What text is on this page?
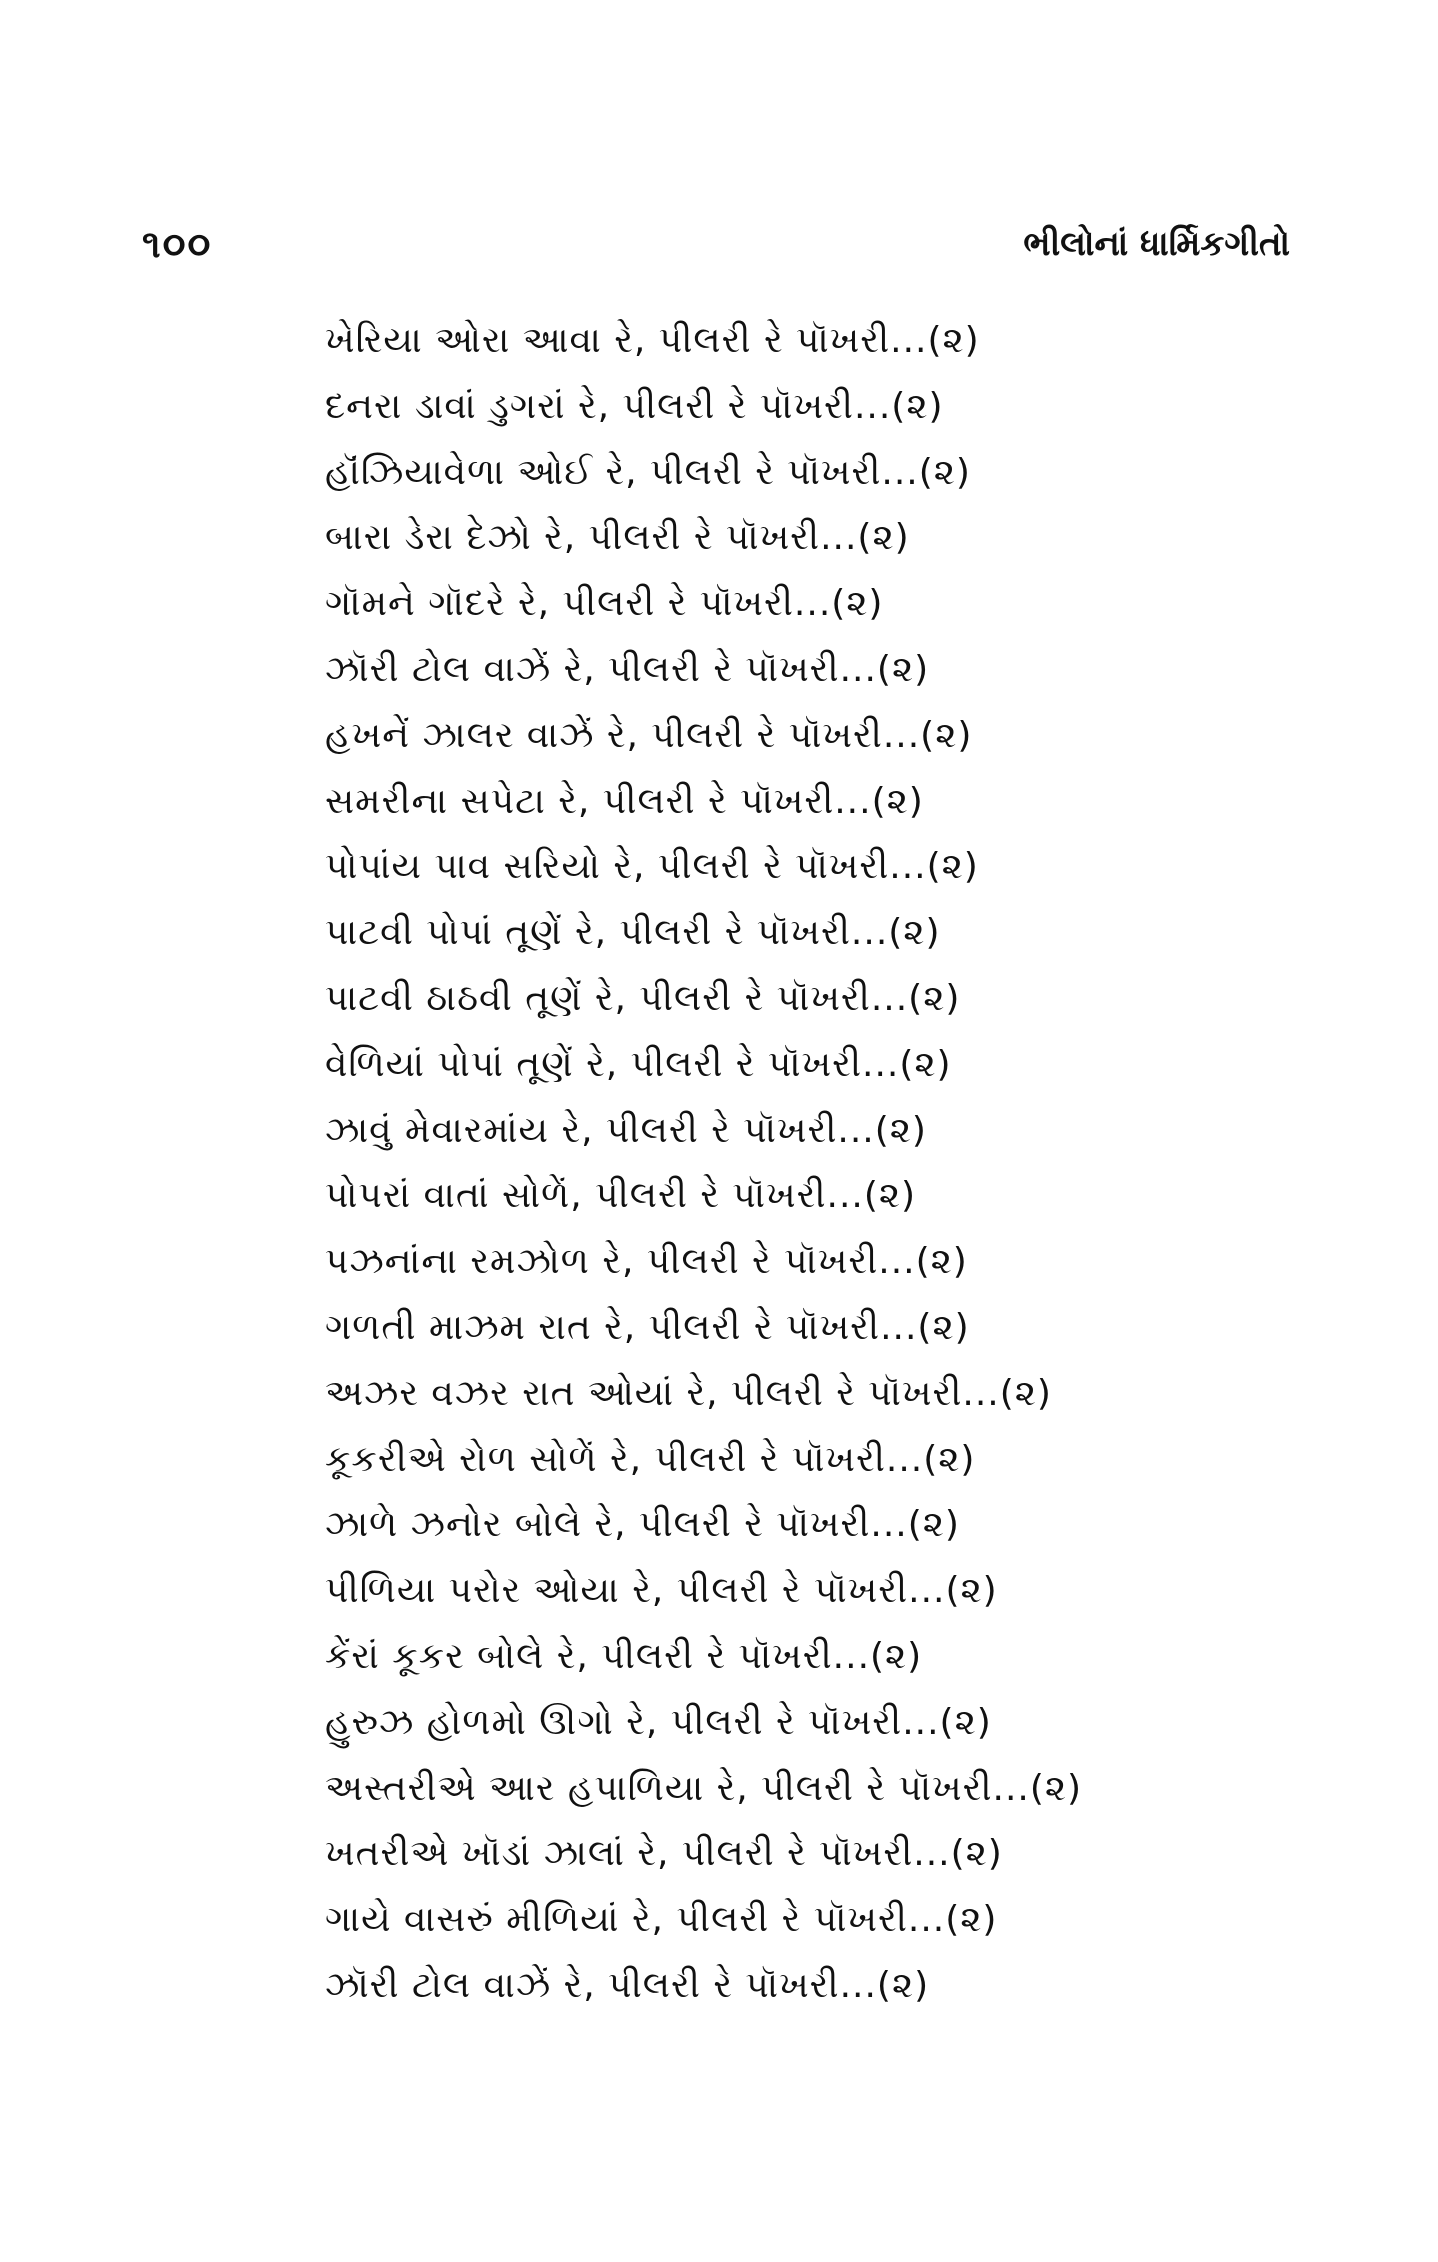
૧૦૦	ભીલોનાં ધાર્મિકગીતો
ખેરિયા ઓરા આવા રે, પીલરી રે પૉખરી...(૨)
દનરા ડાવાં ડુગરાં રે, પીલરી રે પૉખરી...(૨)
હૉંઝિયાવેળા ઓઈ રે, પીલરી રે પૉખરી...(૨)
બારા ડેરા દેઝો રે, પીલરી રે પૉખરી...(૨)
ગૉમને ગૉદરે રે, પીલરી રે પૉખરી...(૨)
ઝૉરી ટોલ વાઝેં રે, પીલરી રે પૉખરી...(૨)
હખનેં ઝાલર વાઝેં રે, પીલરી રે પૉખરી...(૨)
સમરીના સપેટા રે, પીલરી રે પૉખરી...(૨)
પોપાંય પાવ સરિયો રે, પીલરી રે પૉખરી...(૨)
પાટવી પોપાં તૂણેં રે, પીલરી રે પૉખરી...(૨)
પાટવી ઠાઠવી તૂણેં રે, પીલરી રે પૉખરી...(૨)
વેળિયાં પોપાં તૂણેં રે, પીલરી રે પૉખરી...(૨)
ઝાવું મેવારમાંય રે, પીલરી રે પૉખરી...(૨)
પોપરાં વાતાં સોળેં, પીલરી રે પૉખરી...(૨)
પઝનાંના રમઝોળ રે, પીલરી રે પૉખરી...(૨)
ગળતી માઝમ રાત રે, પીલરી રે પૉખરી...(૨)
અઝર વઝર રાત ઓયાં રે, પીલરી રે પૉખરી...(૨)
કૂકરીએ રોળ સોળેં રે, પીલરી રે પૉખરી...(૨)
ઝાળે ઝનોર બોલે રે, પીલરી રે પૉખરી...(૨)
પીળિયા પરોર ઓયા રે, પીલરી રે પૉખરી...(૨)
કેંરાં કૂકર બોલે રે, પીલરી રે પૉખરી...(૨)
હુરુઝ હોળમો ઊગો રે, પીલરી રે પૉખરી...(૨)
અસ્તરીએ આર હપાળિયા રે, પીલરી રે પૉખરી...(૨)
ખતરીએ ખૉડાં ઝાલાં રે, પીલરી રે પૉખરી...(૨)
ગાયે વાસરું મીળિયાં રે, પીલરી રે પૉખરી...(૨)
ઝૉરી ટોલ વાઝેં રે, પીલરી રે પૉખરી...(૨)
